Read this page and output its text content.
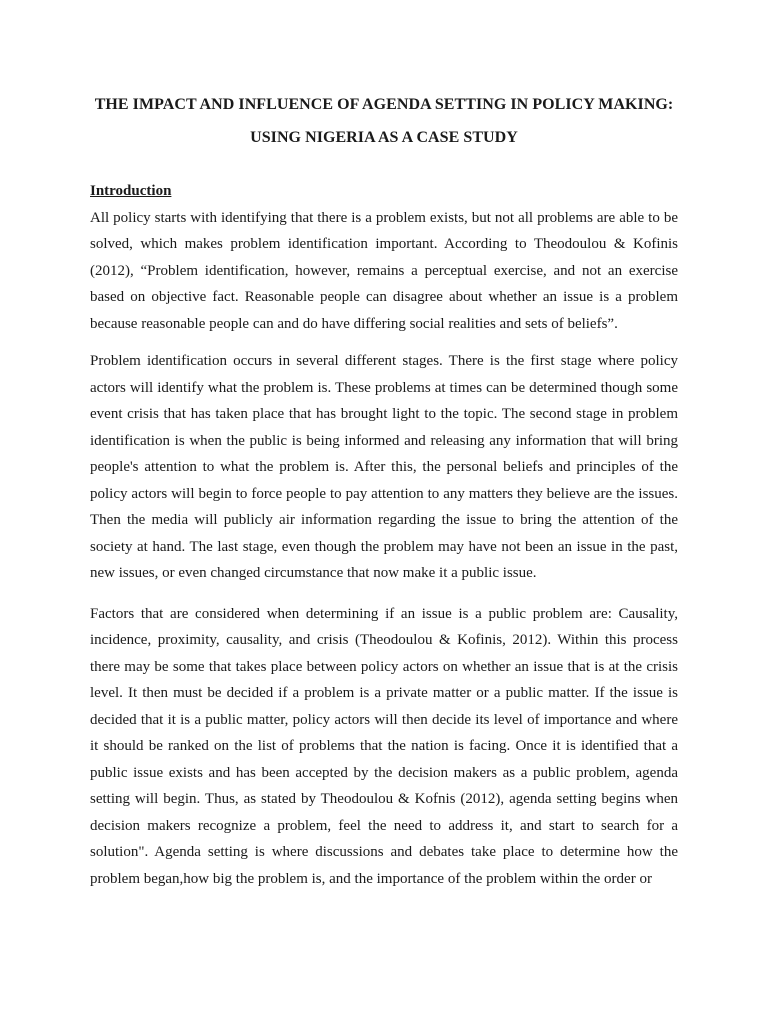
THE IMPACT AND INFLUENCE OF AGENDA SETTING IN POLICY MAKING: USING NIGERIA AS A CASE STUDY
Introduction

All policy starts with identifying that there is a problem exists, but not all problems are able to be solved, which makes problem identification important. According to Theodoulou & Kofinis (2012), “Problem identification, however, remains a perceptual exercise, and not an exercise based on objective fact. Reasonable people can disagree about whether an issue is a problem because reasonable people can and do have differing social realities and sets of beliefs”.

Problem identification occurs in several different stages. There is the first stage where policy actors will identify what the problem is. These problems at times can be determined though some event crisis that has taken place that has brought light to the topic. The second stage in problem identification is when the public is being informed and releasing any information that will bring people's attention to what the problem is. After this, the personal beliefs and principles of the policy actors will begin to force people to pay attention to any matters they believe are the issues. Then the media will publicly air information regarding the issue to bring the attention of the society at hand. The last stage, even though the problem may have not been an issue in the past, new issues, or even changed circumstance that now make it a public issue.

Factors that are considered when determining if an issue is a public problem are: Causality, incidence, proximity, causality, and crisis (Theodoulou & Kofinis, 2012). Within this process there may be some that takes place between policy actors on whether an issue that is at the crisis level. It then must be decided if a problem is a private matter or a public matter. If the issue is decided that it is a public matter, policy actors will then decide its level of importance and where it should be ranked on the list of problems that the nation is facing. Once it is identified that a public issue exists and has been accepted by the decision makers as a public problem, agenda setting will begin. Thus, as stated by Theodoulou & Kofnis (2012), agenda setting begins when decision makers recognize a problem, feel the need to address it, and start to search for a solution". Agenda setting is where discussions and debates take place to determine how the problem began,how big the problem is, and the importance of the problem within the order or
